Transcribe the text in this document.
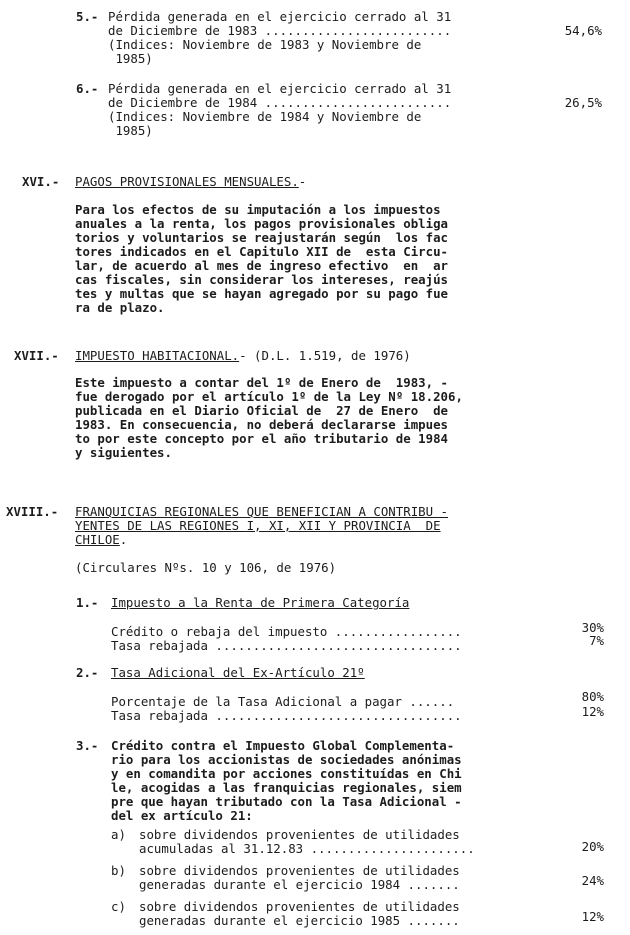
5.- Pérdida generada en el ejercicio cerrado al 31
de Diciembre de 1983 .........................	54,6%
(Indices: Noviembre de 1983 y Noviembre de
1985)
6.- Pérdida generada en el ejercicio cerrado al 31
de Diciembre de 1984 .........................	26,5%
(Indices: Noviembre de 1984 y Noviembre de
1985)
XVI.- PAGOS PROVISIONALES MENSUALES.-
Para los efectos de su imputación a los impuestos
anuales a la renta, los pagos provisionales obliga
torios y voluntarios se reajustarán según  los fac
tores indicados en el Capitulo XII de  esta Circu-
lar, de acuerdo al mes de ingreso efectivo  en  ar
cas fiscales, sin considerar los intereses, reajús
tes y multas que se hayan agregado por su pago fue
ra de plazo.
XVII.- IMPUESTO HABITACIONAL.- (D.L. 1.519, de 1976)
Este impuesto a contar del 1º de Enero de  1983, -
fue derogado por el artículo 1º de la Ley Nº 18.206,
publicada en el Diario Oficial de  27 de Enero  de
1983. En consecuencia, no deberá declararse impues
to por este concepto por el año tributario de 1984
y siguientes.
XVIII.- FRANQUICIAS REGIONALES QUE BENEFICIAN A CONTRIBU -
YENTES DE LAS REGIONES I, XI, XII Y PROVINCIA  DE
CHILOE.
(Circulares Nºs. 10 y 106, de 1976)
1.- Impuesto a la Renta de Primera Categoría
Crédito o rebaja del impuesto .................	30%
Tasa rebajada .................................	7%
2.- Tasa Adicional del Ex-Artículo 21º
Porcentaje de la Tasa Adicional a pagar ......	80%
Tasa rebajada .................................	12%
3.- Crédito contra el Impuesto Global Complementa-
rio para los accionistas de sociedades anónimas
y en comandita por acciones constituídas en Chi
le, acogidas a las franquicias regionales, siem
pre que hayan tributado con la Tasa Adicional -
del ex artículo 21:
a) sobre dividendos provenientes de utilidades
acumuladas al 31.12.83 ......................	20%
b) sobre dividendos provenientes de utilidades
generadas durante el ejercicio 1984 .......	24%
c) sobre dividendos provenientes de utilidades
generadas durante el ejercicio 1985 .......	12%
